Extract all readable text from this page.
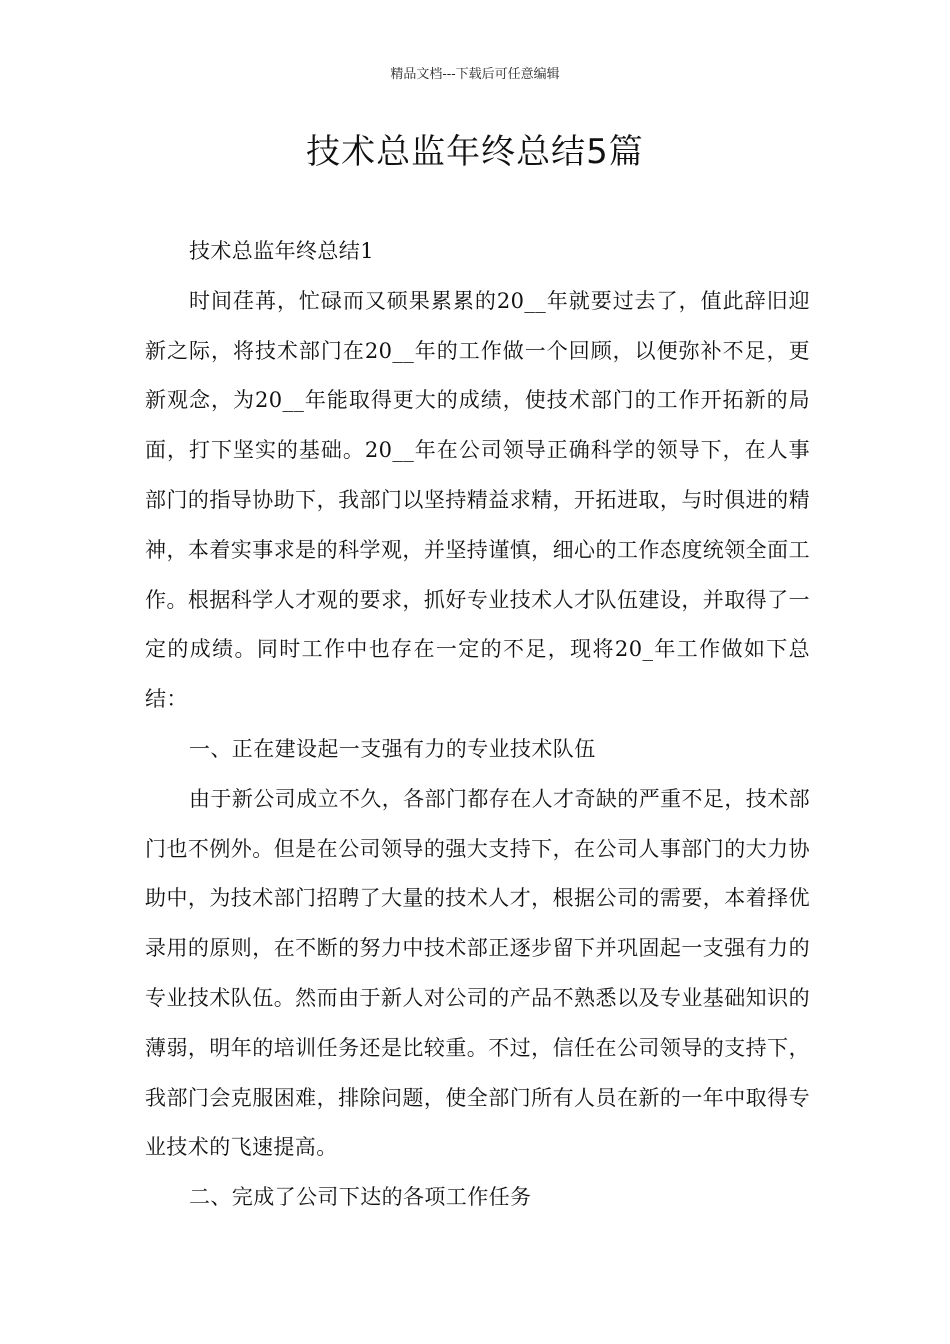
精品文档---下载后可任意编辑
技术总监年终总结5篇

技术总监年终总结1

时间荏苒，忙碌而又硕果累累的20__年就要过去了，值此辞旧迎新之际，将技术部门在20__年的工作做一个回顾，以便弥补不足，更新观念，为20__年能取得更大的成绩，使技术部门的工作开拓新的局面，打下坚实的基础。20__年在公司领导正确科学的领导下，在人事部门的指导协助下，我部门以坚持精益求精，开拓进取，与时俱进的精神，本着实事求是的科学观，并坚持谨慎，细心的工作态度统领全面工作。根据科学人才观的要求，抓好专业技术人才队伍建设，并取得了一定的成绩。同时工作中也存在一定的不足，现将20_年工作做如下总结：

一、正在建设起一支强有力的专业技术队伍

由于新公司成立不久，各部门都存在人才奇缺的严重不足，技术部门也不例外。但是在公司领导的强大支持下，在公司人事部门的大力协助中，为技术部门招聘了大量的技术人才，根据公司的需要，本着择优录用的原则，在不断的努力中技术部正逐步留下并巩固起一支强有力的专业技术队伍。然而由于新人对公司的产品不熟悉以及专业基础知识的薄弱，明年的培训任务还是比较重。不过，信任在公司领导的支持下，我部门会克服困难，排除问题，使全部门所有人员在新的一年中取得专业技术的飞速提高。

二、完成了公司下达的各项工作任务
